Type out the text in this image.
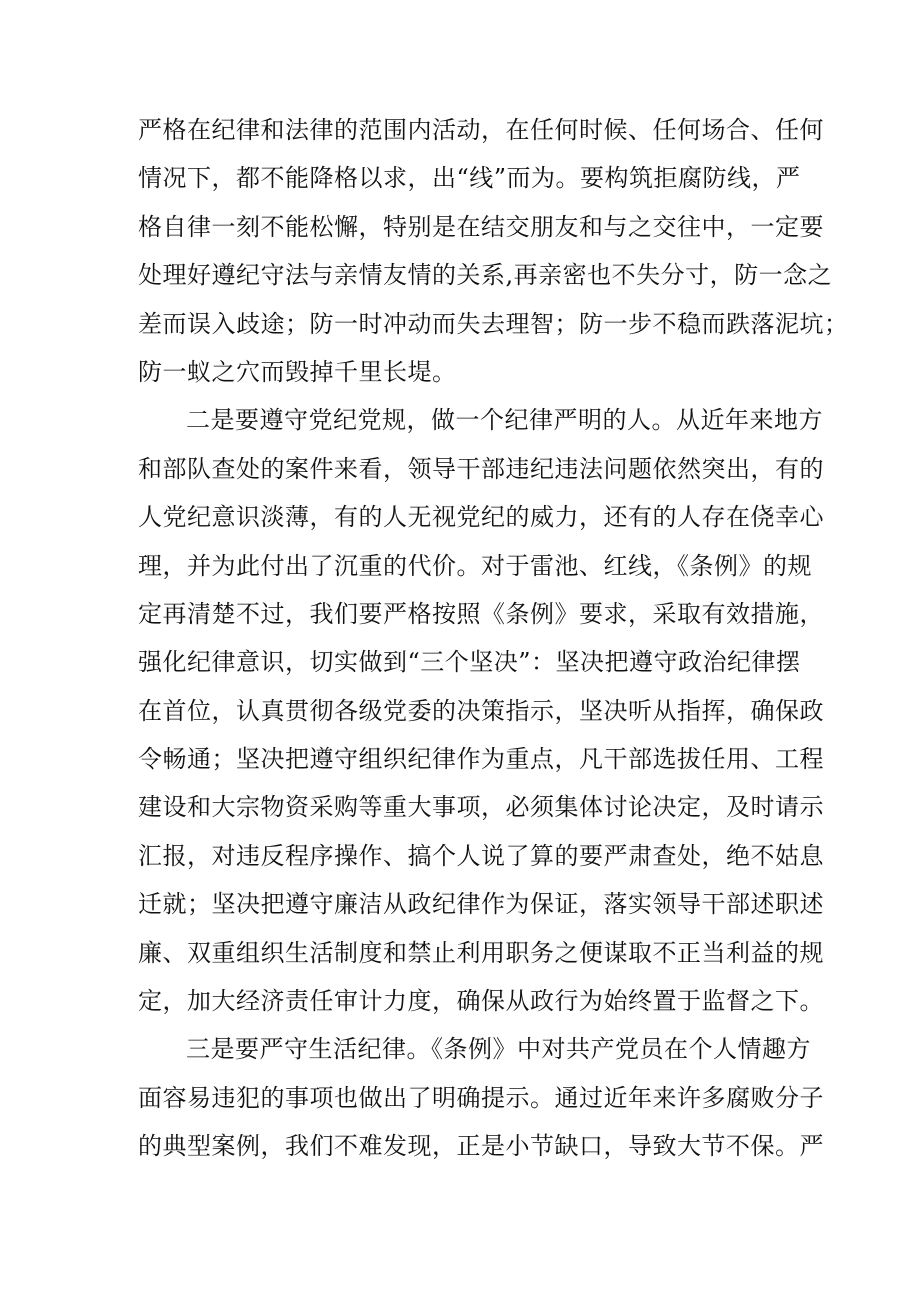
严格在纪律和法律的范围内活动，在任何时候、任何场合、任何
情况下，都不能降格以求，出“线”而为。要构筑拒腐防线，严
格自律一刻不能松懈，特别是在结交朋友和与之交往中，一定要
处理好遵纪守法与亲情友情的关系,再亲密也不失分寸，防一念之
差而误入歧途；防一时冲动而失去理智；防一步不稳而跌落泥坑；
防一蚁之穴而毁掉千里长堤。
二是要遵守党纪党规，做一个纪律严明的人。从近年来地方
和部队查处的案件来看，领导干部违纪违法问题依然突出，有的
人党纪意识淡薄，有的人无视党纪的威力，还有的人存在侥幸心
理，并为此付出了沉重的代价。对于雷池、红线，《条例》的规
定再清楚不过，我们要严格按照《条例》要求，采取有效措施，
强化纪律意识，切实做到“三个坚决”：坚决把遵守政治纪律摆
在首位，认真贯彻各级党委的决策指示，坚决听从指挥，确保政
令畅通；坚决把遵守组织纪律作为重点，凡干部选拔任用、工程
建设和大宗物资采购等重大事项，必须集体讨论决定，及时请示
汇报，对违反程序操作、搞个人说了算的要严肃查处，绝不姑息
迁就；坚决把遵守廉洁从政纪律作为保证，落实领导干部述职述
廉、双重组织生活制度和禁止利用职务之便谋取不正当利益的规
定，加大经济责任审计力度，确保从政行为始终置于监督之下。
三是要严守生活纪律。《条例》中对共产党员在个人情趣方
面容易违犯的事项也做出了明确提示。通过近年来许多腐败分子
的典型案例，我们不难发现，正是小节缺口，导致大节不保。严
